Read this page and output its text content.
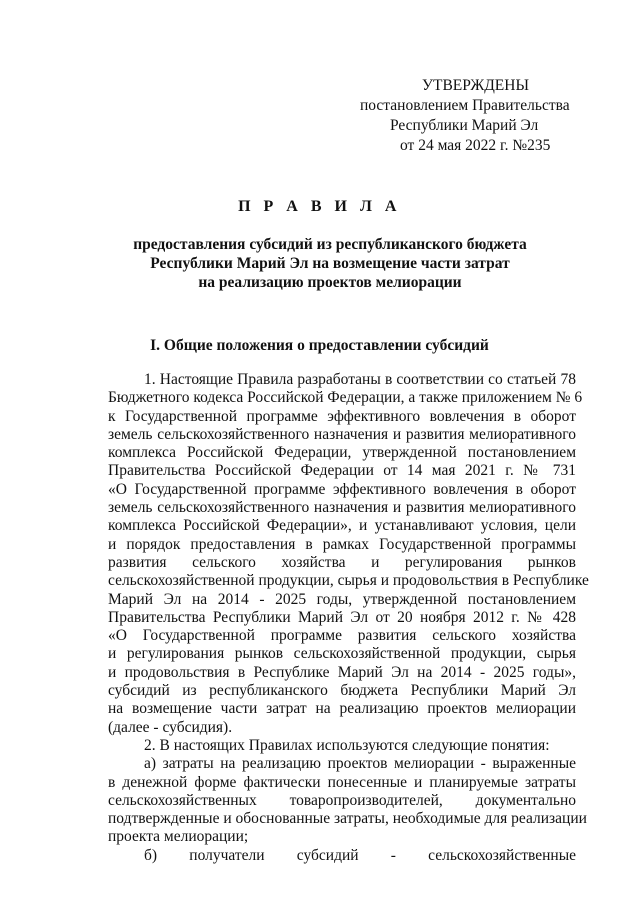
УТВЕРЖДЕНЫ
постановлением Правительства
Республики Марий Эл
от 24 мая 2022 г. №235
П Р А В И Л А
предоставления субсидий из республиканского бюджета
Республики Марий Эл на возмещение части затрат
на реализацию проектов мелиорации
I. Общие положения о предоставлении субсидий
1. Настоящие Правила разработаны в соответствии со статьей 78
Бюджетного кодекса Российской Федерации, а также приложением № 6
к Государственной программе эффективного вовлечения в оборот
земель сельскохозяйственного назначения и развития мелиоративного
комплекса Российской Федерации, утвержденной постановлением
Правительства Российской Федерации от 14 мая 2021 г. № 731
«О Государственной программе эффективного вовлечения в оборот
земель сельскохозяйственного назначения и развития мелиоративного
комплекса Российской Федерации», и устанавливают условия, цели
и порядок предоставления в рамках Государственной программы
развития сельского хозяйства и регулирования рынков
сельскохозяйственной продукции, сырья и продовольствия в Республике
Марий Эл на 2014 - 2025 годы, утвержденной постановлением
Правительства Республики Марий Эл от 20 ноября 2012 г. № 428
«О Государственной программе развития сельского хозяйства
и регулирования рынков сельскохозяйственной продукции, сырья
и продовольствия в Республике Марий Эл на 2014 - 2025 годы»,
субсидий из республиканского бюджета Республики Марий Эл
на возмещение части затрат на реализацию проектов мелиорации
(далее - субсидия).
2. В настоящих Правилах используются следующие понятия:
а) затраты на реализацию проектов мелиорации - выраженные
в денежной форме фактически понесенные и планируемые затраты
сельскохозяйственных товаропроизводителей, документально
подтвержденные и обоснованные затраты, необходимые для реализации
проекта мелиорации;
б) получатели субсидий - сельскохозяйственные
